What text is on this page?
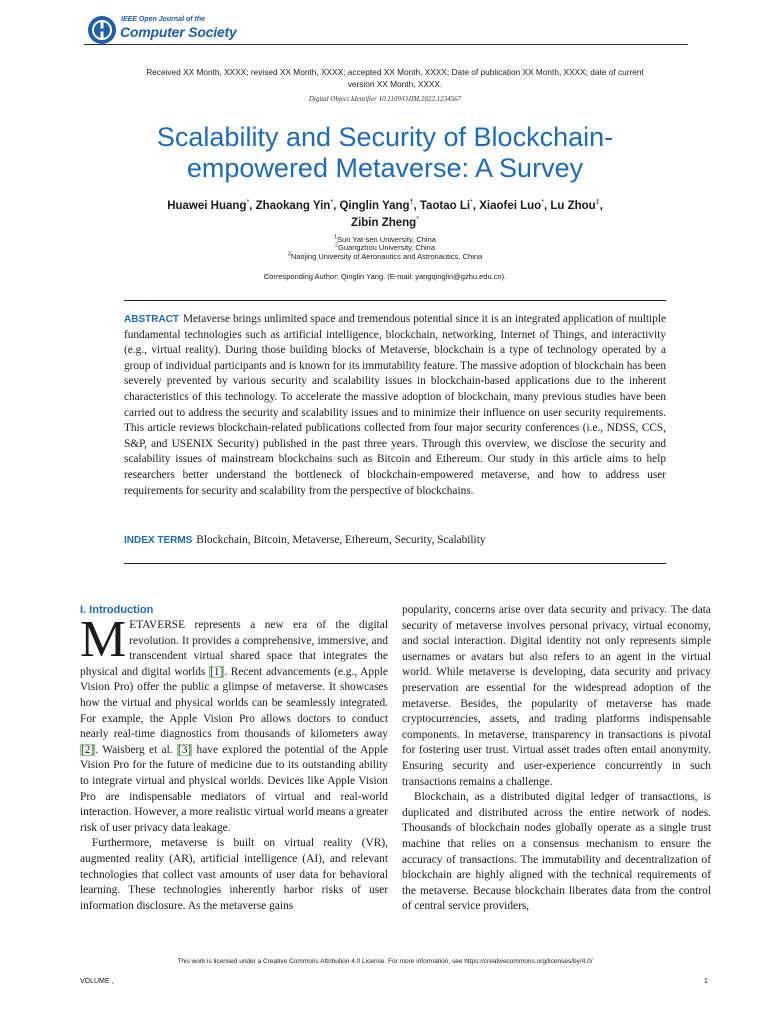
IEEE Open Journal of the
Computer Society
Received XX Month, XXXX; revised XX Month, XXXX; accepted XX Month, XXXX; Date of publication XX Month, XXXX; date of current version XX Month, XXXX.
Digital Object Identifier 10.1109/OJIM.2022.1234567
Scalability and Security of Blockchain-empowered Metaverse: A Survey
Huawei Huang*, Zhaokang Yin*, Qinglin Yang†, Taotao Li*, Xiaofei Luo*, Lu Zhou‡,
Zibin Zheng*
$^1$Sun Yat-sen University, China
$^2$Guangzhou University, China
$^3$Nanjing University of Aeronautics and Astronautics, China
Corresponding Author: Qinglin Yang. (E-mail: yangqinglin@gzhu.edu.cn).
ABSTRACT Metaverse brings unlimited space and tremendous potential since it is an integrated application of multiple fundamental technologies such as artificial intelligence, blockchain, networking, Internet of Things, and interactivity (e.g., virtual reality). During those building blocks of Metaverse, blockchain is a type of technology operated by a group of individual participants and is known for its immutability feature. The massive adoption of blockchain has been severely prevented by various security and scalability issues in blockchain-based applications due to the inherent characteristics of this technology. To accelerate the massive adoption of blockchain, many previous studies have been carried out to address the security and scalability issues and to minimize their influence on user security requirements. This article reviews blockchain-related publications collected from four major security conferences (i.e., NDSS, CCS, S&P, and USENIX Security) published in the past three years. Through this overview, we disclose the security and scalability issues of mainstream blockchains such as Bitcoin and Ethereum. Our study in this article aims to help researchers better understand the bottleneck of blockchain-empowered metaverse, and how to address user requirements for security and scalability from the perspective of blockchains.
INDEX TERMS Blockchain, Bitcoin, Metaverse, Ethereum, Security, Scalability
I. Introduction

METAVERSE represents a new era of the digital revolution. It provides a comprehensive, immersive, and transcendent virtual shared space that integrates the physical and digital worlds [1]. Recent advancements (e.g., Apple Vision Pro) offer the public a glimpse of metaverse. It showcases how the virtual and physical worlds can be seamlessly integrated. For example, the Apple Vision Pro allows doctors to conduct nearly real-time diagnostics from thousands of kilometers away [2]. Waisberg et al. [3] have explored the potential of the Apple Vision Pro for the future of medicine due to its outstanding ability to integrate virtual and physical worlds. Devices like Apple Vision Pro are indispensable mediators of virtual and real-world interaction. However, a more realistic virtual world means a greater risk of user privacy data leakage.

Furthermore, metaverse is built on virtual reality (VR), augmented reality (AR), artificial intelligence (AI), and relevant technologies that collect vast amounts of user data for behavioral learning. These technologies inherently harbor risks of user information disclosure. As the metaverse gains

popularity, concerns arise over data security and privacy. The data security of metaverse involves personal privacy, virtual economy, and social interaction. Digital identity not only represents simple usernames or avatars but also refers to an agent in the virtual world. While metaverse is developing, data security and privacy preservation are essential for the widespread adoption of the metaverse. Besides, the popularity of metaverse has made cryptocurrencies, assets, and trading platforms indispensable components. In metaverse, transparency in transactions is pivotal for fostering user trust. Virtual asset trades often entail anonymity. Ensuring security and user-experience concurrently in such transactions remains a challenge.

Blockchain, as a distributed digital ledger of transactions, is duplicated and distributed across the entire network of nodes. Thousands of blockchain nodes globally operate as a single trust machine that relies on a consensus mechanism to ensure the accuracy of transactions. The immutability and decentralization of blockchain are highly aligned with the technical requirements of the metaverse. Because blockchain liberates data from the control of central service providers,

This work is licensed under a Creative Commons Attribution 4.0 License. For more information, see https://creativecommons.org/licenses/by/4.0/
VOLUME ,	1
